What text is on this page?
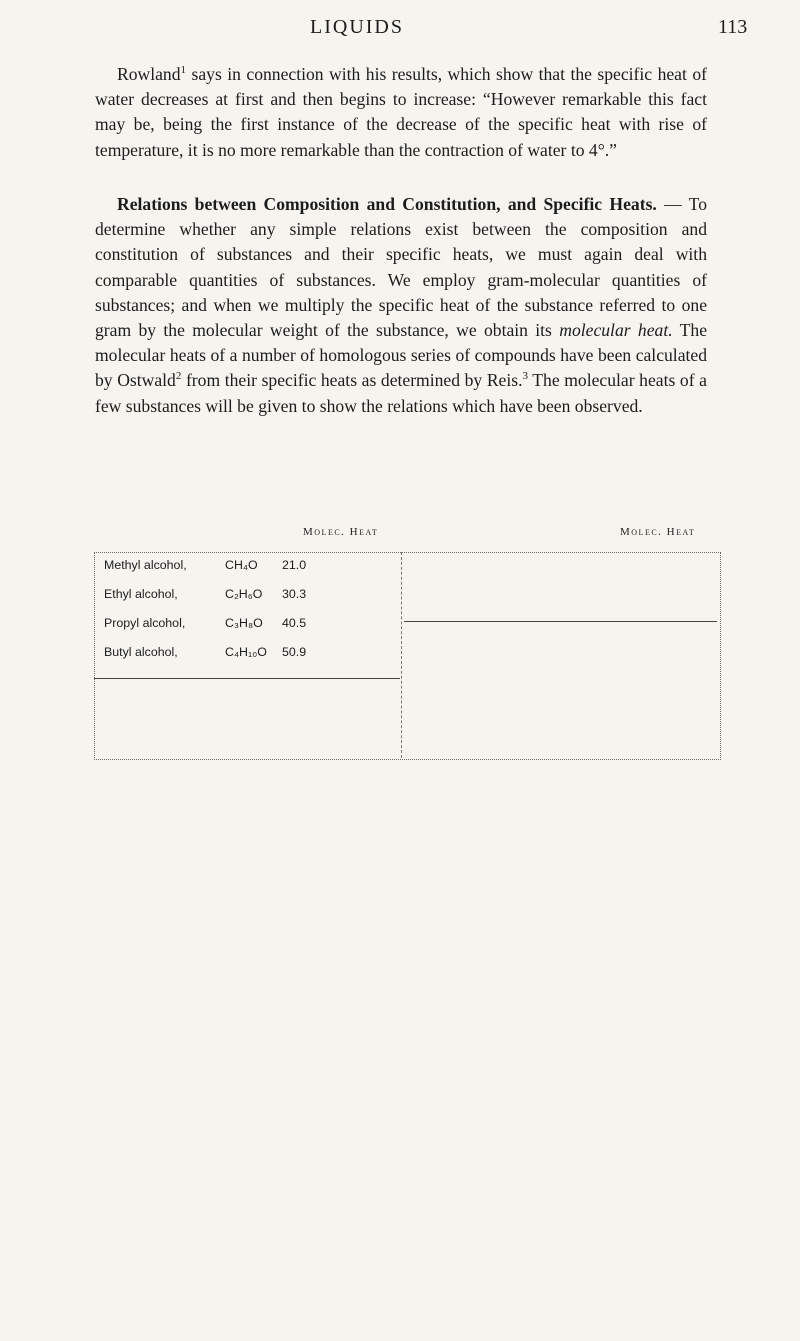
LIQUIDS	113

Rowland$^1$ says in connection with his results, which show that the specific heat of water decreases at first and then begins to increase: “However remarkable this fact may be, being the first instance of the decrease of the specific heat with rise of temperature, it is no more remarkable than the contraction of water to 4°.”

Relations between Composition and Constitution, and Specific Heats. — To determine whether any simple relations exist between the composition and constitution of substances and their specific heats, we must again deal with comparable quantities of substances. We employ gram-molecular quantities of substances; and when we multiply the specific heat of the substance referred to one gram by the molecular weight of the substance, we obtain its molecular heat. The molecular heats of a number of homologous series of compounds have been calculated by Ostwald$^2$ from their specific heats as determined by Reis.$^3$ The molecular heats of a few substances will be given to show the relations which have been observed.

Molec. Heat	Molec. Heat
Methyl alcohol,	CH₄O 21.0
Ethyl alcohol,	C₂H₆O 30.3
Propyl alcohol,	C₃H₈O 40.5
Butyl alcohol,	C₄H₁₀O 50.9
